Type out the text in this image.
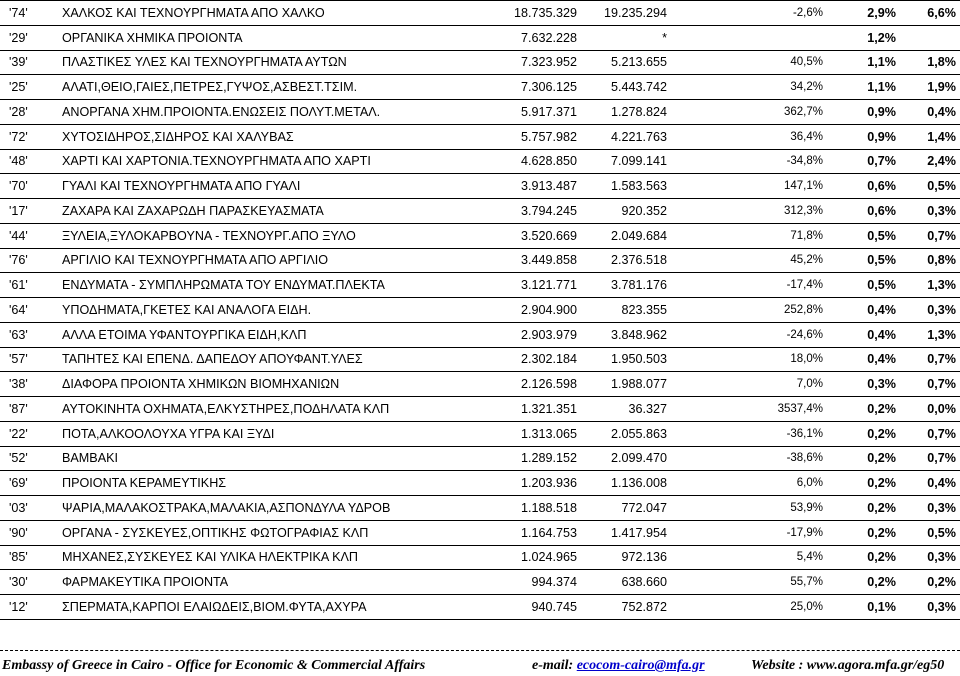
'74'	ΧΑΛΚΟΣ ΚΑΙ ΤΕΧΝΟΥΡΓΗΜΑΤΑ ΑΠΟ ΧΑΛΚΟ	18.735.329	19.235.294		-2,6%	2,9%	6,6%
'29'	ΟΡΓΑΝΙΚΑ ΧΗΜΙΚΑ ΠΡΟΙΟΝΤΑ	7.632.228	*			1,2%	
'39'	ΠΛΑΣΤΙΚΕΣ ΥΛΕΣ ΚΑΙ ΤΕΧΝΟΥΡΓΗΜΑΤΑ ΑΥΤΩΝ	7.323.952	5.213.655		40,5%	1,1%	1,8%
'25'	ΑΛΑΤΙ,ΘΕΙΟ,ΓΑΙΕΣ,ΠΕΤΡΕΣ,ΓΥΨΟΣ,ΑΣΒΕΣΤ.ΤΣΙΜ.	7.306.125	5.443.742		34,2%	1,1%	1,9%
'28'	ΑΝΟΡΓΑΝΑ ΧΗΜ.ΠΡΟΙΟΝΤΑ.ΕΝΩΣΕΙΣ ΠΟΛΥΤ.ΜΕΤΑΛ.	5.917.371	1.278.824		362,7%	0,9%	0,4%
'72'	ΧΥΤΟΣΙΔΗΡΟΣ,ΣΙΔΗΡΟΣ ΚΑΙ ΧΑΛΥΒΑΣ	5.757.982	4.221.763		36,4%	0,9%	1,4%
'48'	ΧΑΡΤΙ ΚΑΙ ΧΑΡΤΟΝΙΑ.ΤΕΧΝΟΥΡΓΗΜΑΤΑ ΑΠΟ ΧΑΡΤΙ	4.628.850	7.099.141		-34,8%	0,7%	2,4%
'70'	ΓΥΑΛΙ ΚΑΙ ΤΕΧΝΟΥΡΓΗΜΑΤΑ ΑΠΟ ΓΥΑΛΙ	3.913.487	1.583.563		147,1%	0,6%	0,5%
'17'	ΖΑΧΑΡΑ ΚΑΙ ΖΑΧΑΡΩΔΗ ΠΑΡΑΣΚΕΥΑΣΜΑΤΑ	3.794.245	920.352		312,3%	0,6%	0,3%
'44'	ΞΥΛΕΙΑ,ΞΥΛΟΚΑΡΒΟΥΝΑ - ΤΕΧΝΟΥΡΓ.ΑΠΟ ΞΥΛΟ	3.520.669	2.049.684		71,8%	0,5%	0,7%
'76'	ΑΡΓΙΛΙΟ ΚΑΙ ΤΕΧΝΟΥΡΓΗΜΑΤΑ ΑΠΟ ΑΡΓΙΛΙΟ	3.449.858	2.376.518		45,2%	0,5%	0,8%
'61'	ΕΝΔΥΜΑΤΑ - ΣΥΜΠΛΗΡΩΜΑΤΑ ΤΟΥ ΕΝΔΥΜΑΤ.ΠΛΕΚΤΑ	3.121.771	3.781.176		-17,4%	0,5%	1,3%
'64'	ΥΠΟΔΗΜΑΤΑ,ΓΚΕΤΕΣ ΚΑΙ ΑΝΑΛΟΓΑ ΕΙΔΗ.	2.904.900	823.355		252,8%	0,4%	0,3%
'63'	ΑΛΛΑ ΕΤΟΙΜΑ ΥΦΑΝΤΟΥΡΓΙΚΑ ΕΙΔΗ,ΚΛΠ	2.903.979	3.848.962		-24,6%	0,4%	1,3%
'57'	ΤΑΠΗΤΕΣ ΚΑΙ ΕΠΕΝΔ. ΔΑΠΕΔΟΥ ΑΠΟΥΦΑΝΤ.ΥΛΕΣ	2.302.184	1.950.503		18,0%	0,4%	0,7%
'38'	ΔΙΑΦΟΡΑ ΠΡΟΙΟΝΤΑ ΧΗΜΙΚΩΝ ΒΙΟΜΗΧΑΝΙΩΝ	2.126.598	1.988.077		7,0%	0,3%	0,7%
'87'	ΑΥΤΟΚΙΝΗΤΑ ΟΧΗΜΑΤΑ,ΕΛΚΥΣΤΗΡΕΣ,ΠΟΔΗΛΑΤΑ ΚΛΠ	1.321.351	36.327		3537,4%	0,2%	0,0%
'22'	ΠΟΤΑ,ΑΛΚΟΟΛΟΥΧΑ ΥΓΡΑ ΚΑΙ ΞΥΔΙ	1.313.065	2.055.863		-36,1%	0,2%	0,7%
'52'	ΒΑΜΒΑΚΙ	1.289.152	2.099.470		-38,6%	0,2%	0,7%
'69'	ΠΡΟΙΟΝΤΑ ΚΕΡΑΜΕΥΤΙΚΗΣ	1.203.936	1.136.008		6,0%	0,2%	0,4%
'03'	ΨΑΡΙΑ,ΜΑΛΑΚΟΣΤΡΑΚΑ,ΜΑΛΑΚΙΑ,ΑΣΠΟΝΔΥΛΑ ΥΔΡΟΒ	1.188.518	772.047		53,9%	0,2%	0,3%
'90'	ΟΡΓΑΝΑ - ΣΥΣΚΕΥΕΣ,ΟΠΤΙΚΗΣ ΦΩΤΟΓΡΑΦΙΑΣ ΚΛΠ	1.164.753	1.417.954		-17,9%	0,2%	0,5%
'85'	ΜΗΧΑΝΕΣ,ΣΥΣΚΕΥΕΣ ΚΑΙ ΥΛΙΚΑ ΗΛΕΚΤΡΙΚΑ ΚΛΠ	1.024.965	972.136		5,4%	0,2%	0,3%
'30'	ΦΑΡΜΑΚΕΥΤΙΚΑ ΠΡΟΙΟΝΤΑ	994.374	638.660		55,7%	0,2%	0,2%
'12'	ΣΠΕΡΜΑΤΑ,ΚΑΡΠΟΙ ΕΛΑΙΩΔΕΙΣ,ΒΙΟΜ.ΦΥΤΑ,ΑΧΥΡΑ	940.745	752.872		25,0%	0,1%	0,3%
Embassy of Greece in Cairo - Office for Economic & Commercial Affairs	e-mail: ecocom-cairo@mfa.gr	Website : www.agora.mfa.gr/eg50
